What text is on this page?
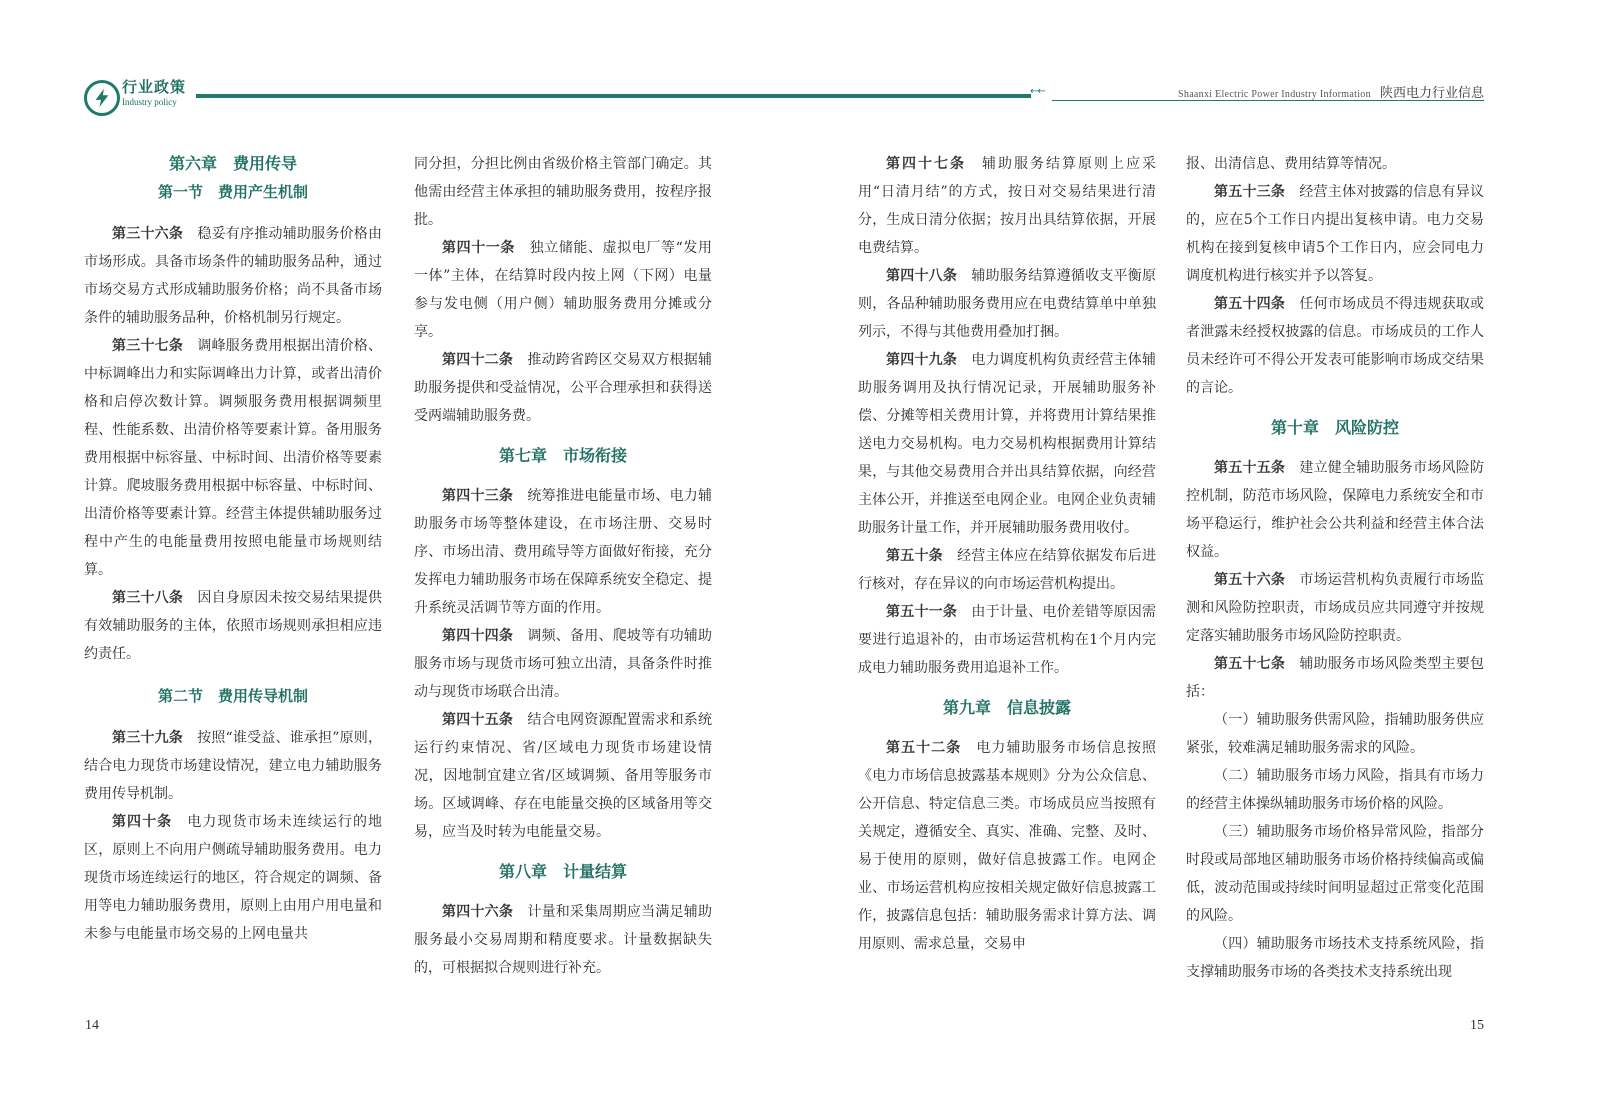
行业政策
Industry policy
←←	Shaanxi Electric Power Industry Information 陕西电力行业信息

第六章　费用传导

第一节　费用产生机制

第三十六条　 稳妥有序推动辅助服务价格由市场形成。具备市场条件的辅助服务品种，通过市场交易方式形成辅助服务价格；尚不具备市场条件的辅助服务品种，价格机制另行规定。

第三十七条　 调峰服务费用根据出清价格、中标调峰出力和实际调峰出力计算，或者出清价格和启停次数计算。调频服务费用根据调频里程、性能系数、出清价格等要素计算。备用服务费用根据中标容量、中标时间、出清价格等要素计算。爬坡服务费用根据中标容量、中标时间、出清价格等要素计算。经营主体提供辅助服务过程中产生的电能量费用按照电能量市场规则结算。

第三十八条　 因自身原因未按交易结果提供有效辅助服务的主体，依照市场规则承担相应违约责任。

第二节　费用传导机制

第三十九条　 按照“谁受益、谁承担”原则，结合电力现货市场建设情况，建立电力辅助服务费用传导机制。

第四十条　 电力现货市场未连续运行的地区，原则上不向用户侧疏导辅助服务费用。电力现货市场连续运行的地区，符合规定的调频、备用等电力辅助服务费用，原则上由用户用电量和未参与电能量市场交易的上网电量共

同分担，分担比例由省级价格主管部门确定。其他需由经营主体承担的辅助服务费用，按程序报批。

第四十一条　 独立储能、虚拟电厂等“发用一体”主体，在结算时段内按上网（下网）电量参与发电侧（用户侧）辅助服务费用分摊或分享。

第四十二条　 推动跨省跨区交易双方根据辅助服务提供和受益情况，公平合理承担和获得送受两端辅助服务费。

第七章　市场衔接

第四十三条　 统筹推进电能量市场、电力辅助服务市场等整体建设，在市场注册、交易时序、市场出清、费用疏导等方面做好衔接，充分发挥电力辅助服务市场在保障系统安全稳定、提升系统灵活调节等方面的作用。

第四十四条　 调频、备用、爬坡等有功辅助服务市场与现货市场可独立出清，具备条件时推动与现货市场联合出清。

第四十五条　 结合电网资源配置需求和系统运行约束情况、省/区域电力现货市场建设情况，因地制宜建立省/区域调频、备用等服务市场。区域调峰、存在电能量交换的区域备用等交易，应当及时转为电能量交易。

第八章　计量结算

第四十六条　 计量和采集周期应当满足辅助服务最小交易周期和精度要求。计量数据缺失的，可根据拟合规则进行补充。

第四十七条　 辅助服务结算原则上应采用“日清月结”的方式，按日对交易结果进行清分，生成日清分依据；按月出具结算依据，开展电费结算。

第四十八条　 辅助服务结算遵循收支平衡原则，各品种辅助服务费用应在电费结算单中单独列示，不得与其他费用叠加打捆。

第四十九条　 电力调度机构负责经营主体辅助服务调用及执行情况记录，开展辅助服务补偿、分摊等相关费用计算，并将费用计算结果推送电力交易机构。电力交易机构根据费用计算结果，与其他交易费用合并出具结算依据，向经营主体公开，并推送至电网企业。电网企业负责辅助服务计量工作，并开展辅助服务费用收付。

第五十条　 经营主体应在结算依据发布后进行核对，存在异议的向市场运营机构提出。

第五十一条　 由于计量、电价差错等原因需要进行追退补的，由市场运营机构在1个月内完成电力辅助服务费用追退补工作。

第九章　信息披露

第五十二条　 电力辅助服务市场信息按照《电力市场信息披露基本规则》分为公众信息、公开信息、特定信息三类。市场成员应当按照有关规定，遵循安全、真实、准确、完整、及时、易于使用的原则，做好信息披露工作。电网企业、市场运营机构应按相关规定做好信息披露工作，披露信息包括：辅助服务需求计算方法、调用原则、需求总量，交易申

报、出清信息、费用结算等情况。

第五十三条　 经营主体对披露的信息有异议的，应在5个工作日内提出复核申请。电力交易机构在接到复核申请5个工作日内，应会同电力调度机构进行核实并予以答复。

第五十四条　 任何市场成员不得违规获取或者泄露未经授权披露的信息。市场成员的工作人员未经许可不得公开发表可能影响市场成交结果的言论。

第十章　风险防控

第五十五条　 建立健全辅助服务市场风险防控机制，防范市场风险，保障电力系统安全和市场平稳运行，维护社会公共利益和经营主体合法权益。

第五十六条　 市场运营机构负责履行市场监测和风险防控职责，市场成员应共同遵守并按规定落实辅助服务市场风险防控职责。

第五十七条　 辅助服务市场风险类型主要包括：

（一）辅助服务供需风险，指辅助服务供应紧张，较难满足辅助服务需求的风险。

（二）辅助服务市场力风险，指具有市场力的经营主体操纵辅助服务市场价格的风险。

（三）辅助服务市场价格异常风险，指部分时段或局部地区辅助服务市场价格持续偏高或偏低，波动范围或持续时间明显超过正常变化范围的风险。

（四）辅助服务市场技术支持系统风险，指支撑辅助服务市场的各类技术支持系统出现

14	15
